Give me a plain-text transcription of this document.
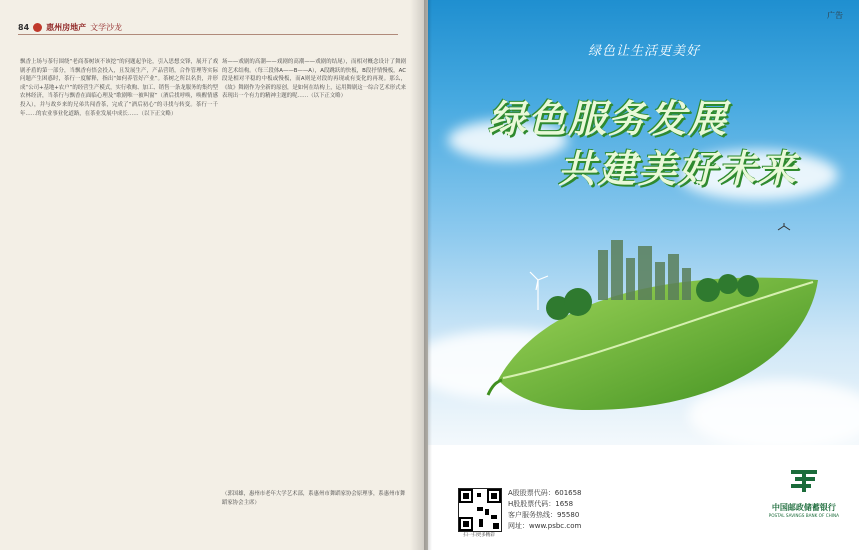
84 惠州房地产 文学沙龙
飘香上场与茶行围绕“老商茶树该不该挖”的问题起争论，引入思想交锋，展开了戏剧矛盾的第一部分，当飘香有悟会投入，且发展生产，产品营销，合作管理等实际问题产生困惑时，茶行一度解释，指出“如何养管好产业”。茶树之所以名贵，并形成“公司+基地+农户”的经营生产模式，实行收购、加工、销售一条龙服务的集约型农林经济，当茶行与飘香在面临心理及“歌剧唯一被叫窗”（酒后找呼唤，唤醒情感投入），并与故乡来的兄弟共闯香茶，完成了“酒后初心”的寻找与转变。茶行一千年……的农业事业化道路，在茶业发展中成长……（以下正文略）
场——戏剧的高潮——戏剧的高潮——戏剧的结尾），而相对概念设计了舞剧的艺术结构。（每三段体A——B——A），A段跳跃的快板，B段抒情慢板，AC段是相对平稳的中板或慢板，而A则是对段的再现或有变化的再现。那么，《故》舞剧作为全新的原创，是如何在结构上，运用舞剧这一综合艺术形式来表现出一个有力的精神主题的呢……（以下正文略）
（郭国雄，惠州市老年大学艺术部，系惠州市舞蹈家协会原理事，系惠州市舞蹈家协会主席）
广告
绿色让生活更美好
绿色服务发展
共建美好未来
扫一扫更多精彩
A股股票代码：601658
H股股票代码：1658
客户服务热线：95580
网址：www.psbc.com
中国邮政储蓄银行
POSTAL SAVINGS BANK OF CHINA
